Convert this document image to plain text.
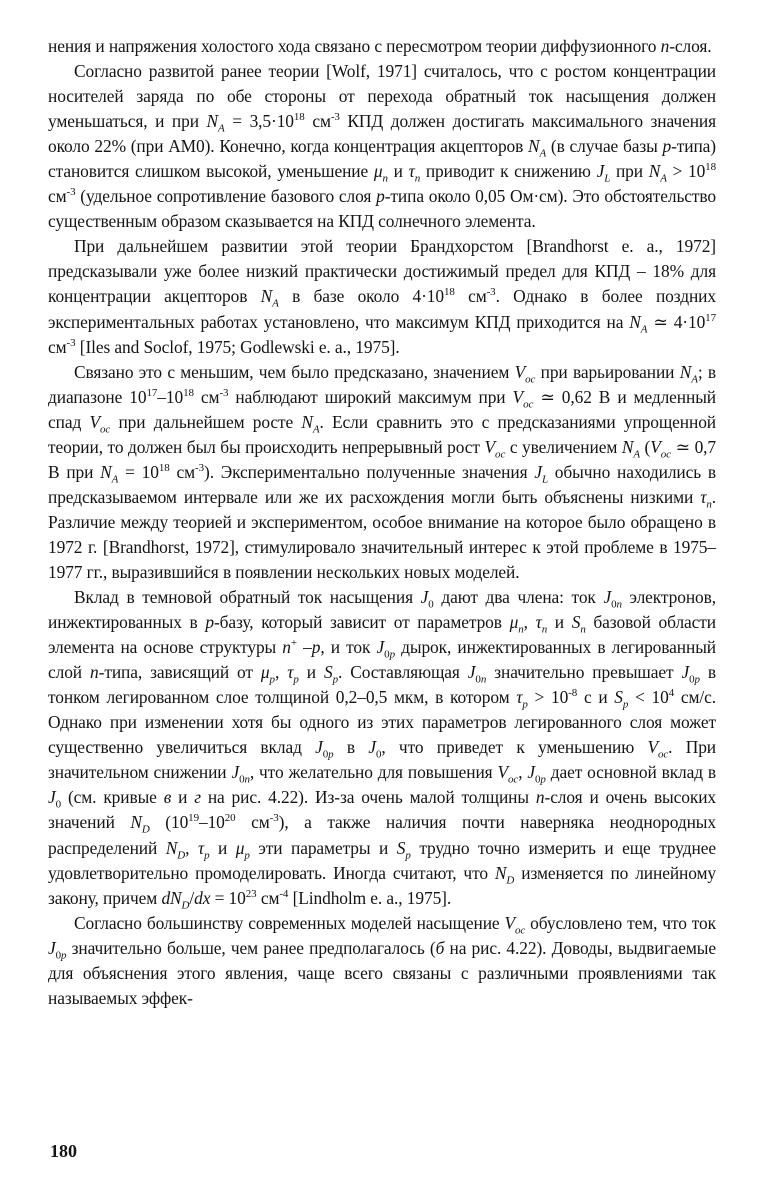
нения и напряжения холостого хода связано с пересмотром теории диффузионного n-слоя.

Согласно развитой ранее теории [Wolf, 1971] считалось, что с ростом концентрации носителей заряда по обе стороны от перехода обратный ток насыщения должен уменьшаться, и при $N_A = 3,5\cdot 10^{18}$ $см^{-3}$ КПД должен достигать максимального значения около 22% (при АМ0). Конечно, когда концентрация акцепторов $N_A$ (в случае базы p-типа) становится слишком высокой, уменьшение $\mu_n$ и $\tau_n$ приводит к снижению $J_L$ при $N_A > 10^{18}$ $см^{-3}$ (удельное сопротивление базового слоя p-типа около 0,05 Ом·см). Это обстоятельство существенным образом сказывается на КПД солнечного элемента.

При дальнейшем развитии этой теории Брандхорстом [Brandhorst e. a., 1972] предсказывали уже более низкий практически достижимый предел для КПД – 18% для концентрации акцепторов $N_A$ в базе около $4\cdot 10^{18}$ $см^{-3}$. Однако в более поздних экспериментальных работах установлено, что максимум КПД приходится на $N_A$ ≃ $4\cdot 10^{17}$ $см^{-3}$ [Iles and Soclof, 1975; Godlewski e. a., 1975].

Связано это с меньшим, чем было предсказано, значением $V_{oc}$ при варьировании $N_A$; в диапазоне $10^{17}-10^{18}$ $см^{-3}$ наблюдают широкий максимум при $V_{oc}$ ≃ 0,62 В и медленный спад $V_{oc}$ при дальнейшем росте $N_A$. Если сравнить это с предсказаниями упрощенной теории, то должен был бы происходить непрерывный рост $V_{oc}$ с увеличением $N_A$ ($V_{oc}$ ≃ 0,7 В при $N_A = 10^{18}$ $см^{-3}$). Экспериментально полученные значения $J_L$ обычно находились в предсказываемом интервале или же их расхождения могли быть объяснены низкими $\tau_n$. Различие между теорией и экспериментом, особое внимание на которое было обращено в 1972 г. [Brandhorst, 1972], стимулировало значительный интерес к этой проблеме в 1975–1977 гг., выразившийся в появлении нескольких новых моделей.

Вклад в темновой обратный ток насыщения $J_0$ дают два члена: ток $J_{0n}$ электронов, инжектированных в p-базу, который зависит от параметров $\mu_n$, $\tau_n$ и $S_n$ базовой области элемента на основе структуры n+ –p, и ток $J_{0p}$ дырок, инжектированных в легированный слой n-типа, зависящий от $\mu_p$, $\tau_p$ и $S_p$. Составляющая $J_{0n}$ значительно превышает $J_{0p}$ в тонком легированном слое толщиной 0,2–0,5 мкм, в котором $\tau_p > 10^{-8}$ с и $S_p < 10^4$ см/с. Однако при изменении хотя бы одного из этих параметров легированного слоя может существенно увеличиться вклад $J_{0p}$ в $J_0$, что приведет к уменьшению $V_{oc}$. При значительном снижении $J_{0n}$, что желательно для повышения $V_{oc}$, $J_{0p}$ дает основной вклад в $J_0$ (см. кривые в и г на рис. 4.22). Из-за очень малой толщины n-слоя и очень высоких значений $N_D$ ($10^{19}-10^{20}$ $см^{-3}$), а также наличия почти наверняка неоднородных распределений $N_D$, $\tau_p$ и $\mu_p$ эти параметры и $S_p$ трудно точно измерить и еще труднее удовлетворительно промоделировать. Иногда считают, что $N_D$ изменяется по линейному закону, причем $dN_D/dx = 10^{23}$ $см^{-4}$ [Lindholm e. a., 1975].

Согласно большинству современных моделей насыщение $V_{oc}$ обусловлено тем, что ток $J_{0p}$ значительно больше, чем ранее предполагалось (б на рис. 4.22). Доводы, выдвигаемые для объяснения этого явления, чаще всего связаны с различными проявлениями так называемых эффек-

180
